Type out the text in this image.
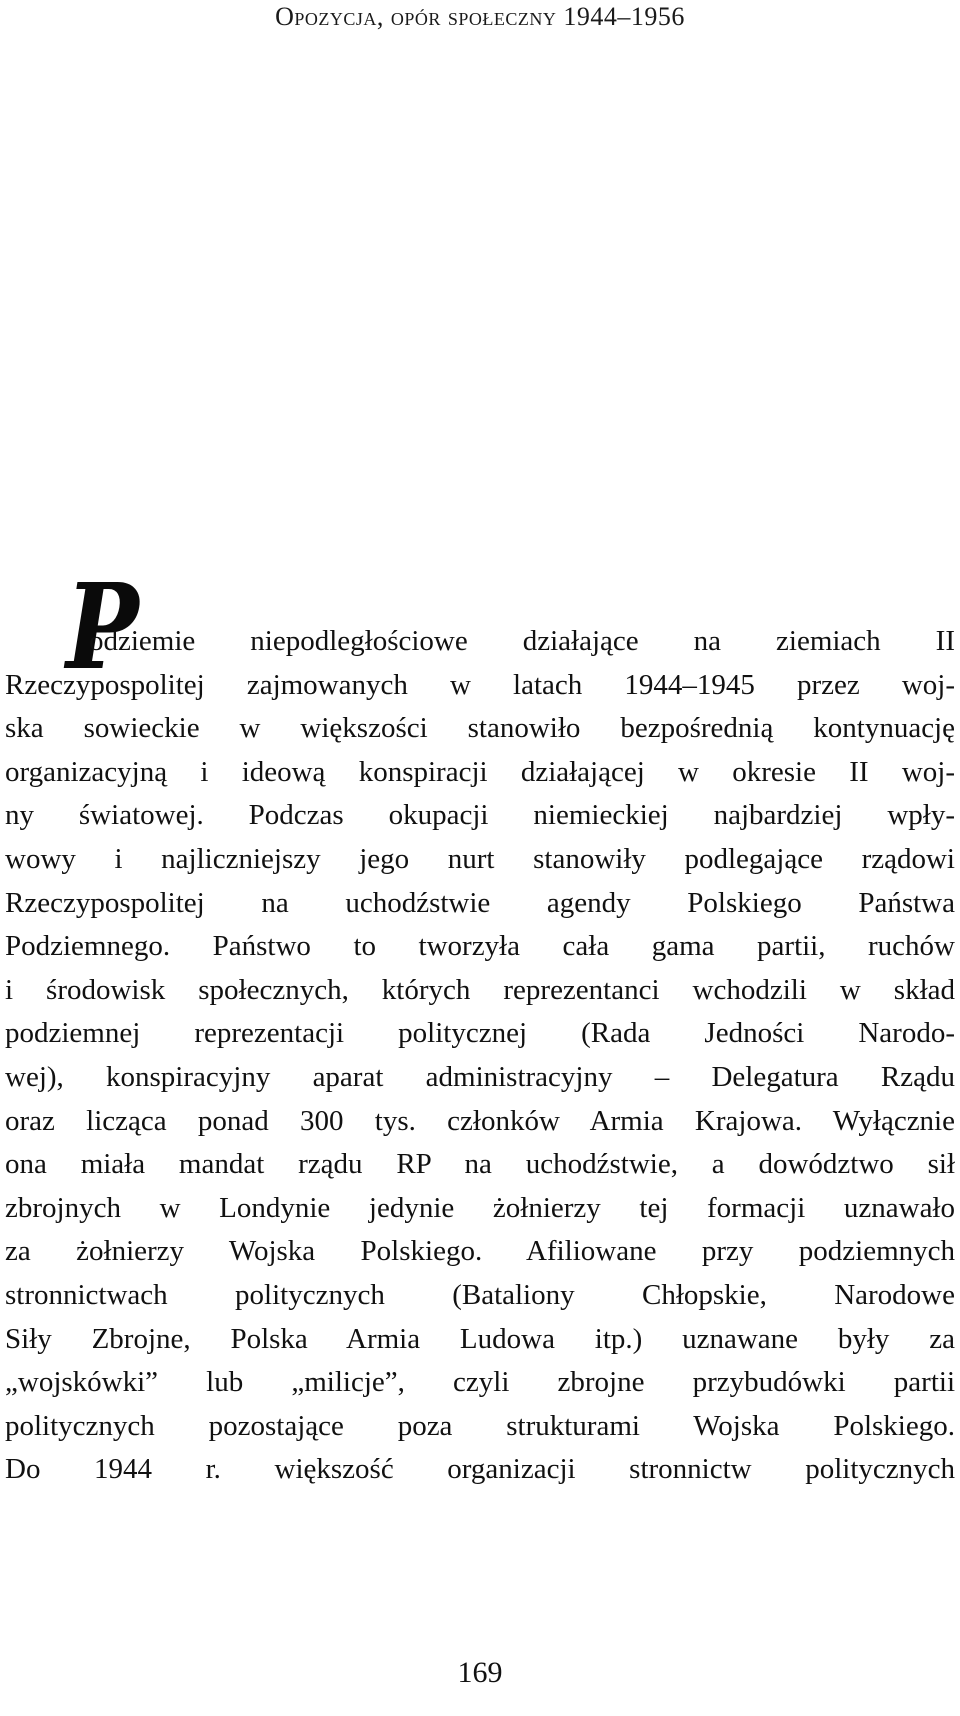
Opozycja, opór społeczny 1944–1956
P
odziemie niepodległościowe działające na ziemiach II
Rzeczypospolitej zajmowanych w latach 1944–1945 przez woj-
ska sowieckie w większości stanowiło bezpośrednią kontynuację
organizacyjną i ideową konspiracji działającej w okresie II woj-
ny światowej. Podczas okupacji niemieckiej najbardziej wpły-
wowy i najliczniejszy jego nurt stanowiły podlegające rządowi
Rzeczypospolitej na uchodźstwie agendy Polskiego Państwa
Podziemnego. Państwo to tworzyła cała gama partii, ruchów
i środowisk społecznych, których reprezentanci wchodzili w skład
podziemnej reprezentacji politycznej (Rada Jedności Narodo-
wej), konspiracyjny aparat administracyjny – Delegatura Rządu
oraz licząca ponad 300 tys. członków Armia Krajowa. Wyłącznie
ona miała mandat rządu RP na uchodźstwie, a dowództwo sił
zbrojnych w Londynie jedynie żołnierzy tej formacji uznawało
za żołnierzy Wojska Polskiego. Afiliowane przy podziemnych
stronnictwach politycznych (Bataliony Chłopskie, Narodowe
Siły Zbrojne, Polska Armia Ludowa itp.) uznawane były za
„wojskówki” lub „milicje”, czyli zbrojne przybudówki partii
politycznych pozostające poza strukturami Wojska Polskiego.
Do 1944 r. większość organizacji stronnictw politycznych
169
